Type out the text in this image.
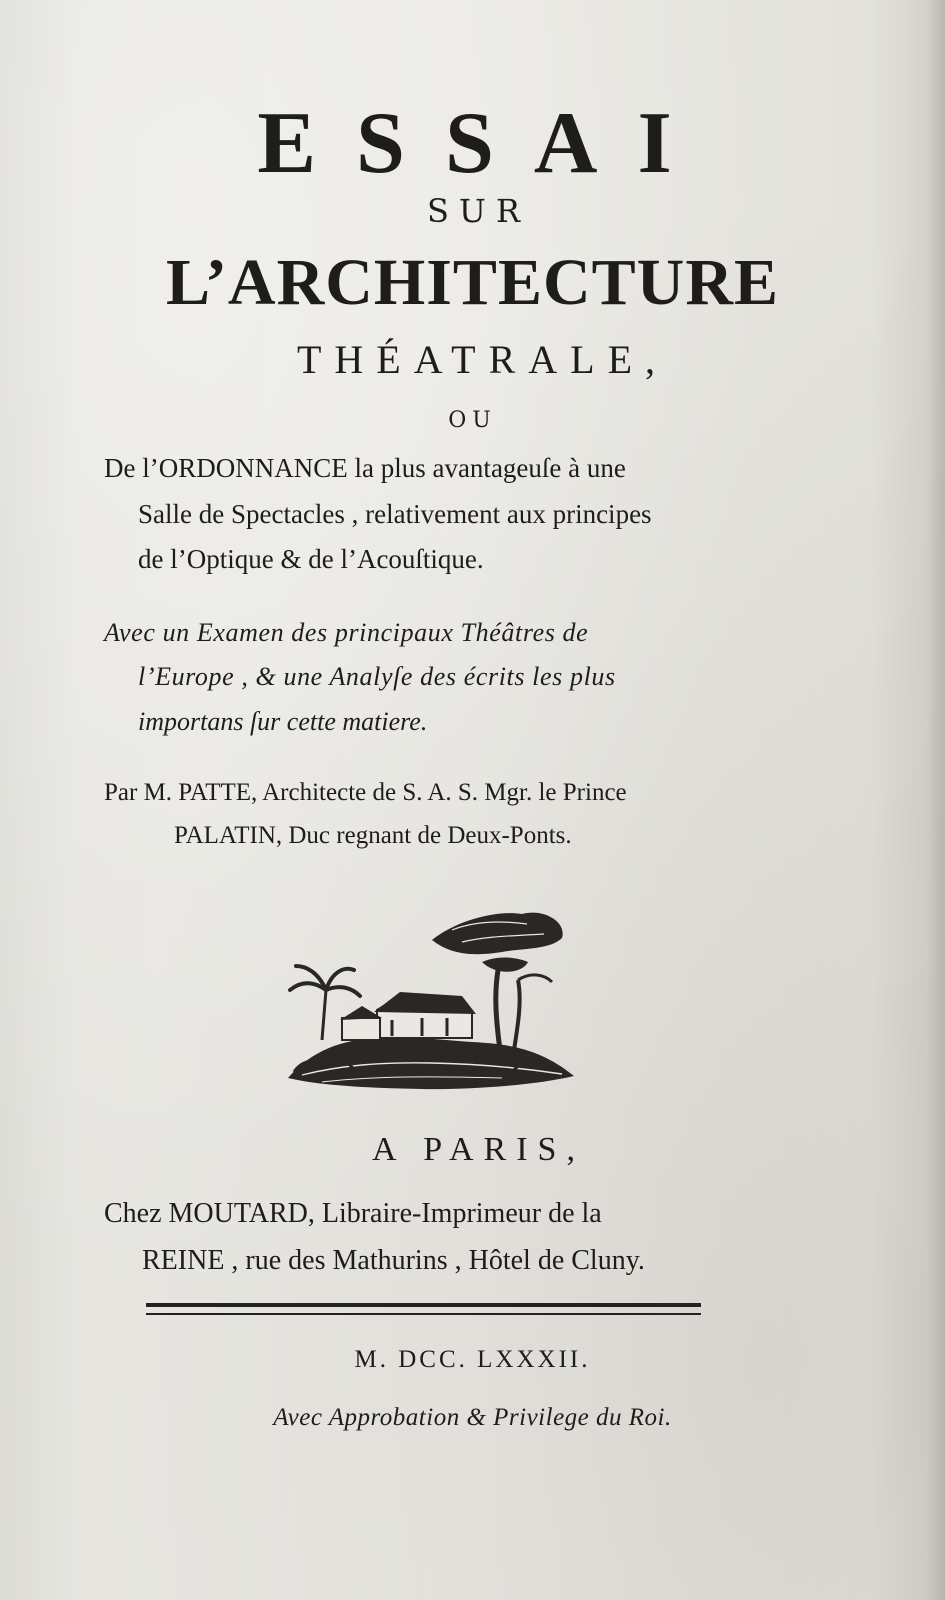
ESSAI
SUR
L’ARCHITECTURE
THÉATRALE,
OU
De l’ORDONNANCE la plus avantageuſe à une
Salle de Spectacles , relativement aux principes
de l’Optique & de l’Acouſtique.
Avec un Examen des principaux Théâtres de
l’Europe , & une Analyſe des écrits les plus
importans ſur cette matiere.
Par M. PATTE, Architecte de S. A. S. Mgr. le Prince
PALATIN, Duc regnant de Deux-Ponts.
A PARIS,
Chez MOUTARD, Libraire-Imprimeur de la
REINE , rue des Mathurins , Hôtel de Cluny.
M. DCC. LXXXII.
Avec Approbation & Privilege du Roi.
